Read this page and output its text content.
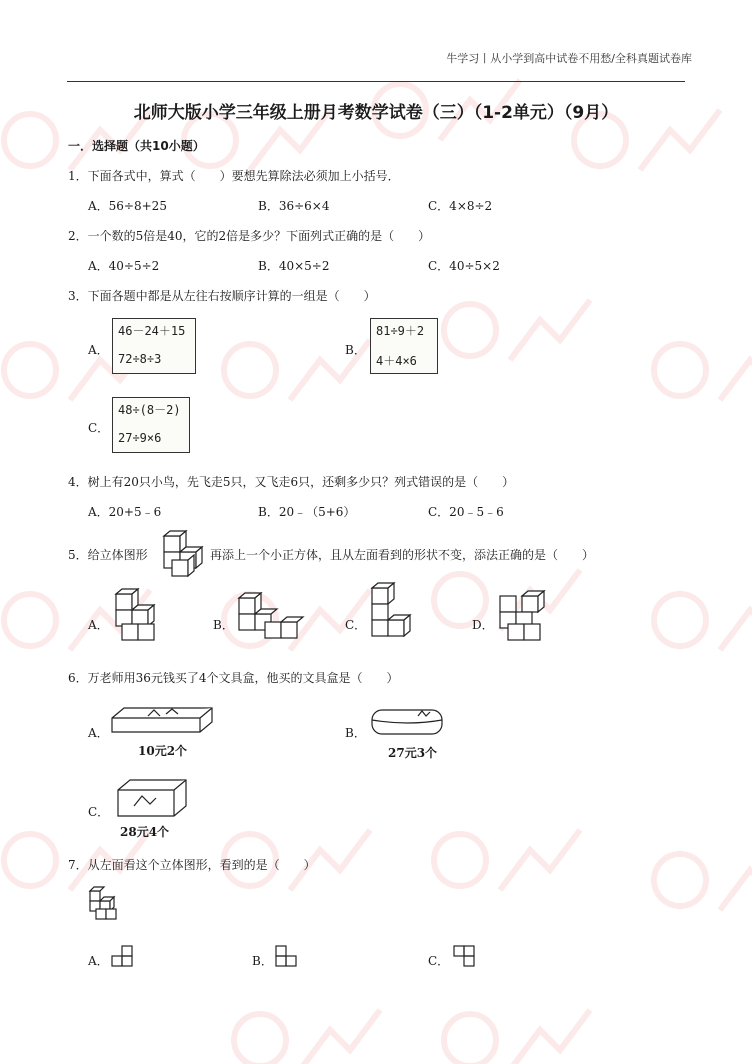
牛学习丨从小学到高中试卷不用愁/全科真题试卷库
北师大版小学三年级上册月考数学试卷（三）（1-2单元）（9月）
一．选择题（共10小题）
1．下面各式中，算式（　　）要想先算除法必须加上小括号．
A．56÷8+25	B．36÷6×4	C．4×8÷2
2．一个数的5倍是40，它的2倍是多少？下面列式正确的是（　　）
A．40÷5÷2	B．40×5÷2	C．40÷5×2
3．下面各题中都是从左往右按顺序计算的一组是（　　）
A．
46－24＋15
72÷8÷3
B．
81÷9＋2
4＋4×6
C．
48÷(8－2)
27÷9×6
4．树上有20只小鸟，先飞走5只，又飞走6只，还剩多少只？列式错误的是（　　）
A．20+5﹣6	B．20﹣（5+6）	C．20﹣5﹣6
5．给立体图形	再添上一个小正方体，且从左面看到的形状不变，添法正确的是（　　）
A．	B．	C．	D．
6．万老师用36元钱买了4个文具盒，他买的文具盒是（　　）
A．
10元2个
B．
27元3个
C．
28元4个
7．从左面看这个立体图形，看到的是（　　）
A．	B．	C．
